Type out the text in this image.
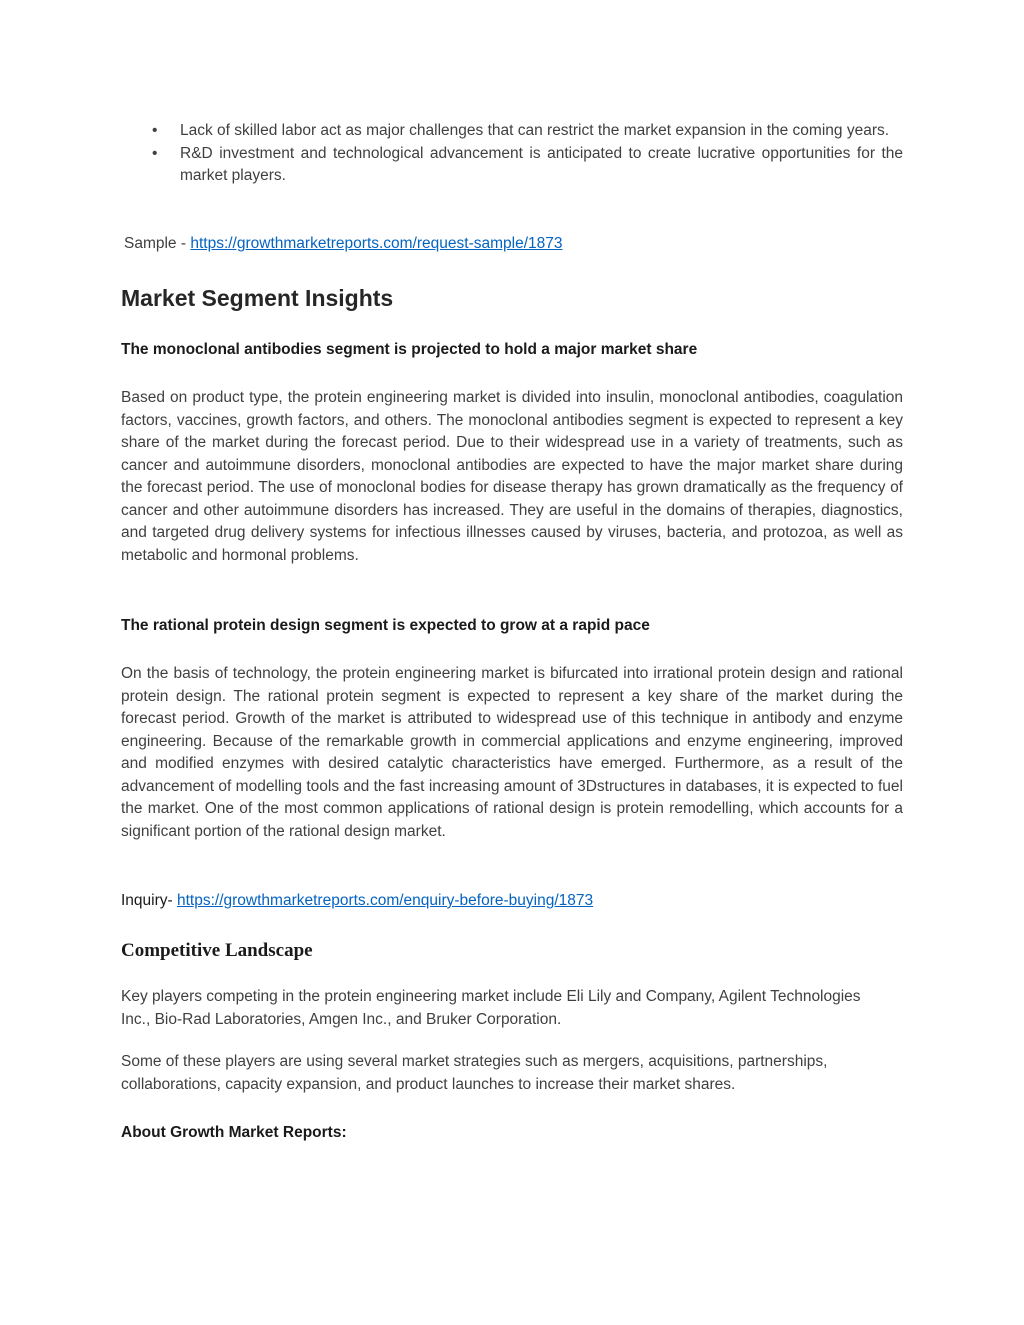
• Lack of skilled labor act as major challenges that can restrict the market expansion in the coming years.
• R&D investment and technological advancement is anticipated to create lucrative opportunities for the market players.
Sample - https://growthmarketreports.com/request-sample/1873
Market Segment Insights

The monoclonal antibodies segment is projected to hold a major market share

Based on product type, the protein engineering market is divided into insulin, monoclonal antibodies, coagulation factors, vaccines, growth factors, and others. The monoclonal antibodies segment is expected to represent a key share of the market during the forecast period. Due to their widespread use in a variety of treatments, such as cancer and autoimmune disorders, monoclonal antibodies are expected to have the major market share during the forecast period. The use of monoclonal bodies for disease therapy has grown dramatically as the frequency of cancer and other autoimmune disorders has increased. They are useful in the domains of therapies, diagnostics, and targeted drug delivery systems for infectious illnesses caused by viruses, bacteria, and protozoa, as well as metabolic and hormonal problems.

The rational protein design segment is expected to grow at a rapid pace

On the basis of technology, the protein engineering market is bifurcated into irrational protein design and rational protein design. The rational protein segment is expected to represent a key share of the market during the forecast period. Growth of the market is attributed to widespread use of this technique in antibody and enzyme engineering. Because of the remarkable growth in commercial applications and enzyme engineering, improved and modified enzymes with desired catalytic characteristics have emerged. Furthermore, as a result of the advancement of modelling tools and the fast increasing amount of 3Dstructures in databases, it is expected to fuel the market. One of the most common applications of rational design is protein remodelling, which accounts for a significant portion of the rational design market.

Inquiry- https://growthmarketreports.com/enquiry-before-buying/1873
Competitive Landscape

Key players competing in the protein engineering market include Eli Lily and Company, Agilent Technologies Inc., Bio-Rad Laboratories, Amgen Inc., and Bruker Corporation.

Some of these players are using several market strategies such as mergers, acquisitions, partnerships, collaborations, capacity expansion, and product launches to increase their market shares.

About Growth Market Reports:
